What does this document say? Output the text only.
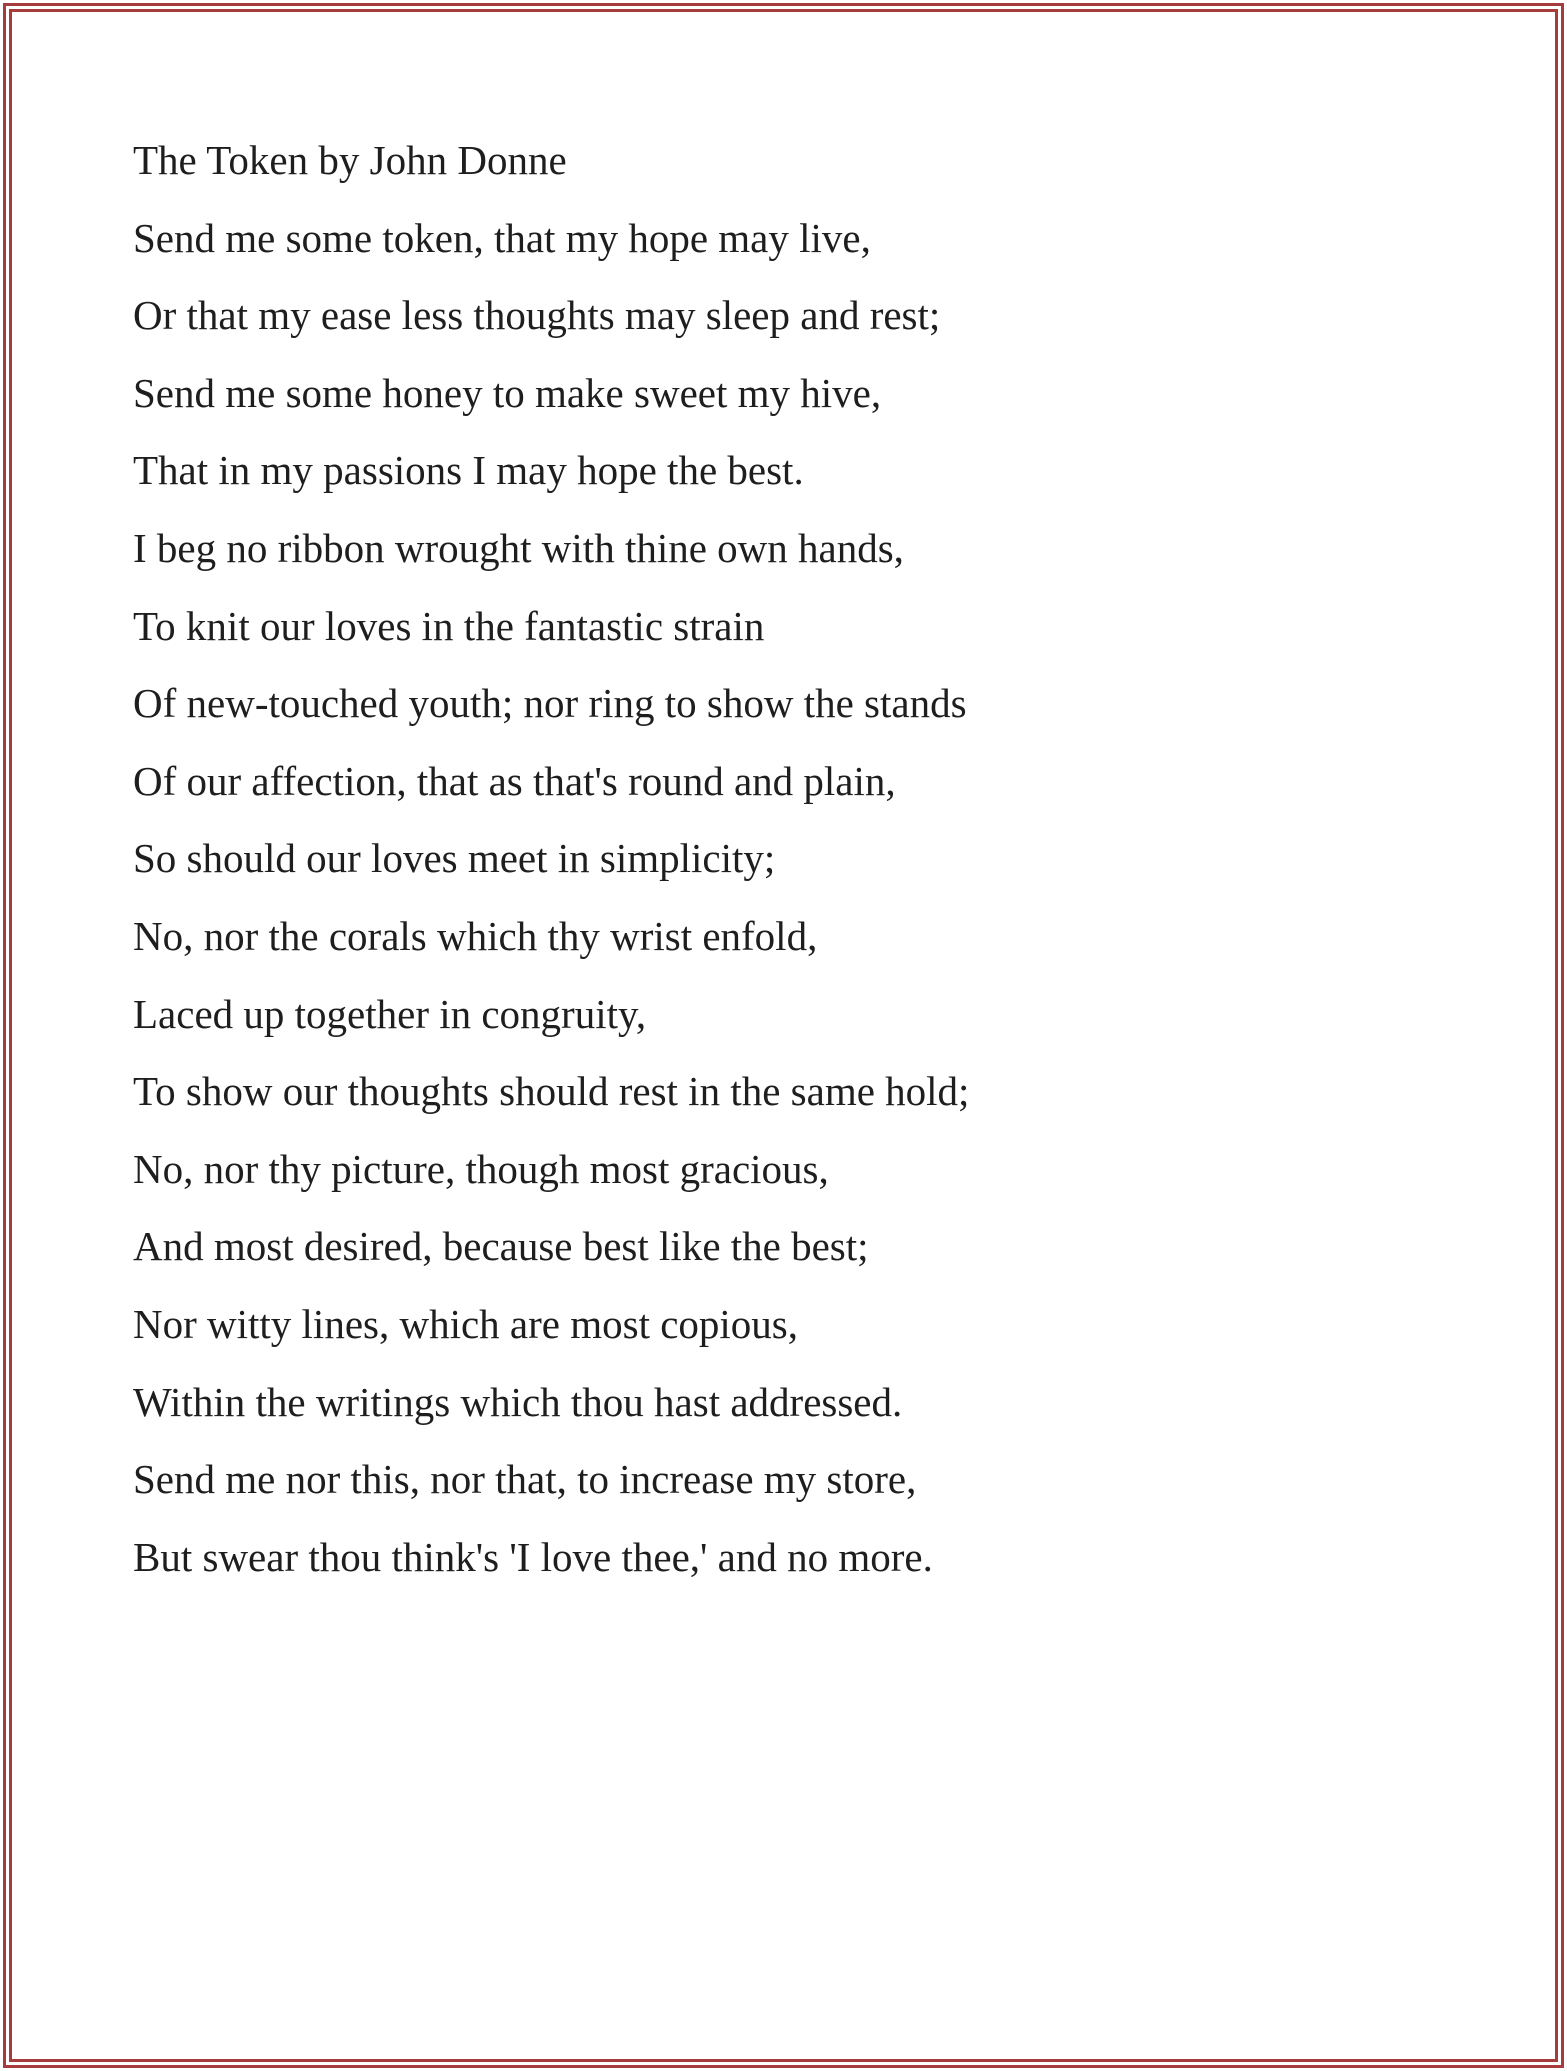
The Token by John Donne
Send me some token, that my hope may live,
Or that my ease less thoughts may sleep and rest;
Send me some honey to make sweet my hive,
That in my passions I may hope the best.
I beg no ribbon wrought with thine own hands,
To knit our loves in the fantastic strain
Of new-touched youth; nor ring to show the stands
Of our affection, that as that's round and plain,
So should our loves meet in simplicity;
No, nor the corals which thy wrist enfold,
Laced up together in congruity,
To show our thoughts should rest in the same hold;
No, nor thy picture, though most gracious,
And most desired, because best like the best;
Nor witty lines, which are most copious,
Within the writings which thou hast addressed.
Send me nor this, nor that, to increase my store,
But swear thou think's 'I love thee,' and no more.
